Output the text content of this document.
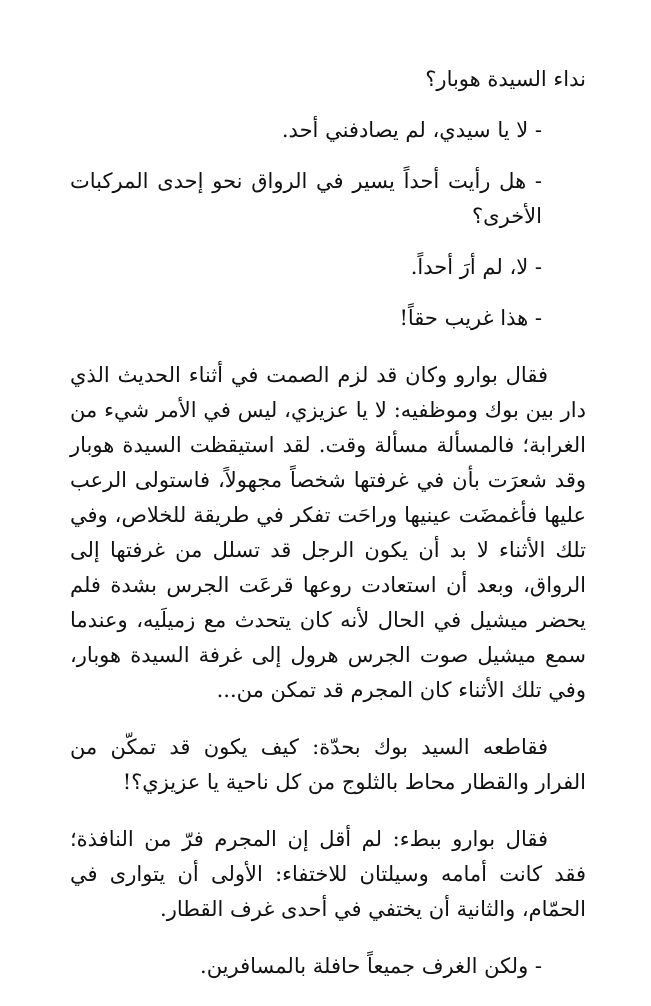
نداء السيدة هوبار؟

- لا يا سيدي، لم يصادفني أحد.

- هل رأيت أحداً يسير في الرواق نحو إحدى المركبات الأخرى؟

- لا، لم أرَ أحداً.

- هذا غريب حقاً!

فقال بوارو وكان قد لزم الصمت في أثناء الحديث الذي دار بين بوك وموظفيه: لا يا عزيزي، ليس في الأمر شيء من الغرابة؛ فالمسألة مسألة وقت. لقد استيقظت السيدة هوبار وقد شعرَت بأن في غرفتها شخصاً مجهولاً، فاستولى الرعب عليها فأغمضَت عينيها وراحَت تفكر في طريقة للخلاص، وفي تلك الأثناء لا بد أن يكون الرجل قد تسلل من غرفتها إلى الرواق، وبعد أن استعادت روعها قرعَت الجرس بشدة فلم يحضر ميشيل في الحال لأنه كان يتحدث مع زميلَيه، وعندما سمع ميشيل صوت الجرس هرول إلى غرفة السيدة هوبار، وفي تلك الأثناء كان المجرم قد تمكن من...

فقاطعه السيد بوك بحدّة: كيف يكون قد تمكّن من الفرار والقطار محاط بالثلوج من كل ناحية يا عزيزي؟!

فقال بوارو ببطء: لم أقل إن المجرم فرّ من النافذة؛ فقد كانت أمامه وسيلتان للاختفاء: الأولى أن يتوارى في الحمّام، والثانية أن يختفي في أحدى غرف القطار.

- ولكن الغرف جميعاً حافلة بالمسافرين.
